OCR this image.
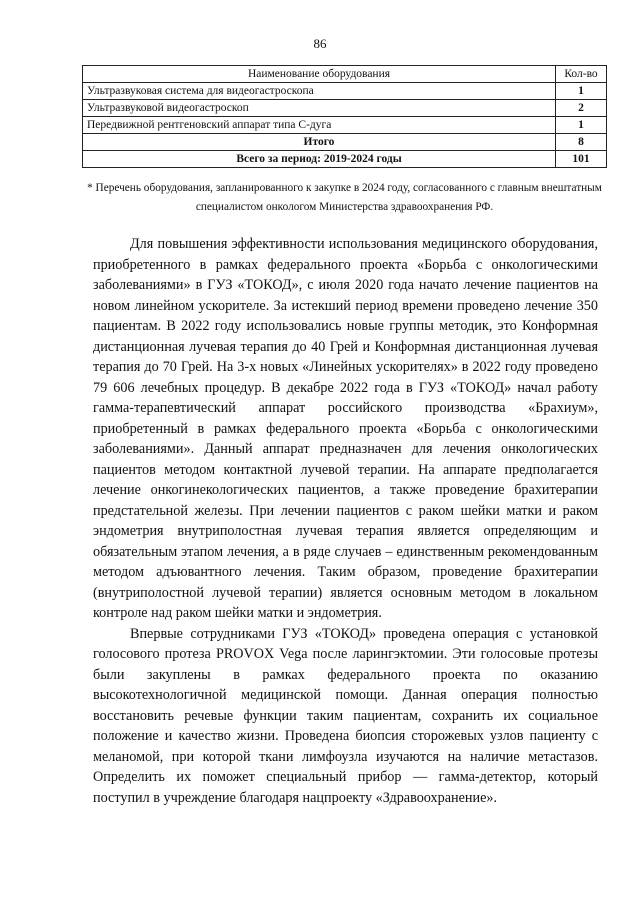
86
Наименование оборудования	Кол-во
Ультразвуковая система для видеогастроскопа	1
Ультразвуковой видеогастроскоп	2
Передвижной рентгеновский аппарат типа С-дуга	1
Итого	8
Всего за период: 2019-2024 годы	101
* Перечень оборудования, запланированного к закупке в 2024 году, согласованного с главным внештатным специалистом онкологом Министерства здравоохранения РФ.

Для повышения эффективности использования медицинского оборудования, приобретенного в рамках федерального проекта «Борьба с онкологическими заболеваниями» в ГУЗ «ТОКОД», с июля 2020 года начато лечение пациентов на новом линейном ускорителе. За истекший период времени проведено лечение 350 пациентам. В 2022 году использовались новые группы методик, это Конформная дистанционная лучевая терапия до 40 Грей и Конформная дистанционная лучевая терапия до 70 Грей. На 3-х новых «Линейных ускорителях» в 2022 году проведено 79 606 лечебных процедур. В декабре 2022 года в ГУЗ «ТОКОД» начал работу гамма-терапевтический аппарат российского производства «Брахиум», приобретенный в рамках федерального проекта «Борьба с онкологическими заболеваниями». Данный аппарат предназначен для лечения онкологических пациентов методом контактной лучевой терапии. На аппарате предполагается лечение онкогинекологических пациентов, а также проведение брахитерапии предстательной железы. При лечении пациентов с раком шейки матки и раком эндометрия внутриполостная лучевая терапия является определяющим и обязательным этапом лечения, а в ряде случаев – единственным рекомендованным методом адъювантного лечения. Таким образом, проведение брахитерапии (внутриполостной лучевой терапии) является основным методом в локальном контроле над раком шейки матки и эндометрия.

Впервые сотрудниками ГУЗ «ТОКОД» проведена операция с установкой голосового протеза PROVOX Vega после ларингэктомии. Эти голосовые протезы были закуплены в рамках федерального проекта по оказанию высокотехнологичной медицинской помощи. Данная операция полностью восстановить речевые функции таким пациентам, сохранить их социальное положение и качество жизни. Проведена биопсия сторожевых узлов пациенту с меланомой, при которой ткани лимфоузла изучаются на наличие метастазов. Определить их поможет специальный прибор — гамма-детектор, который поступил в учреждение благодаря нацпроекту «Здравоохранение».
